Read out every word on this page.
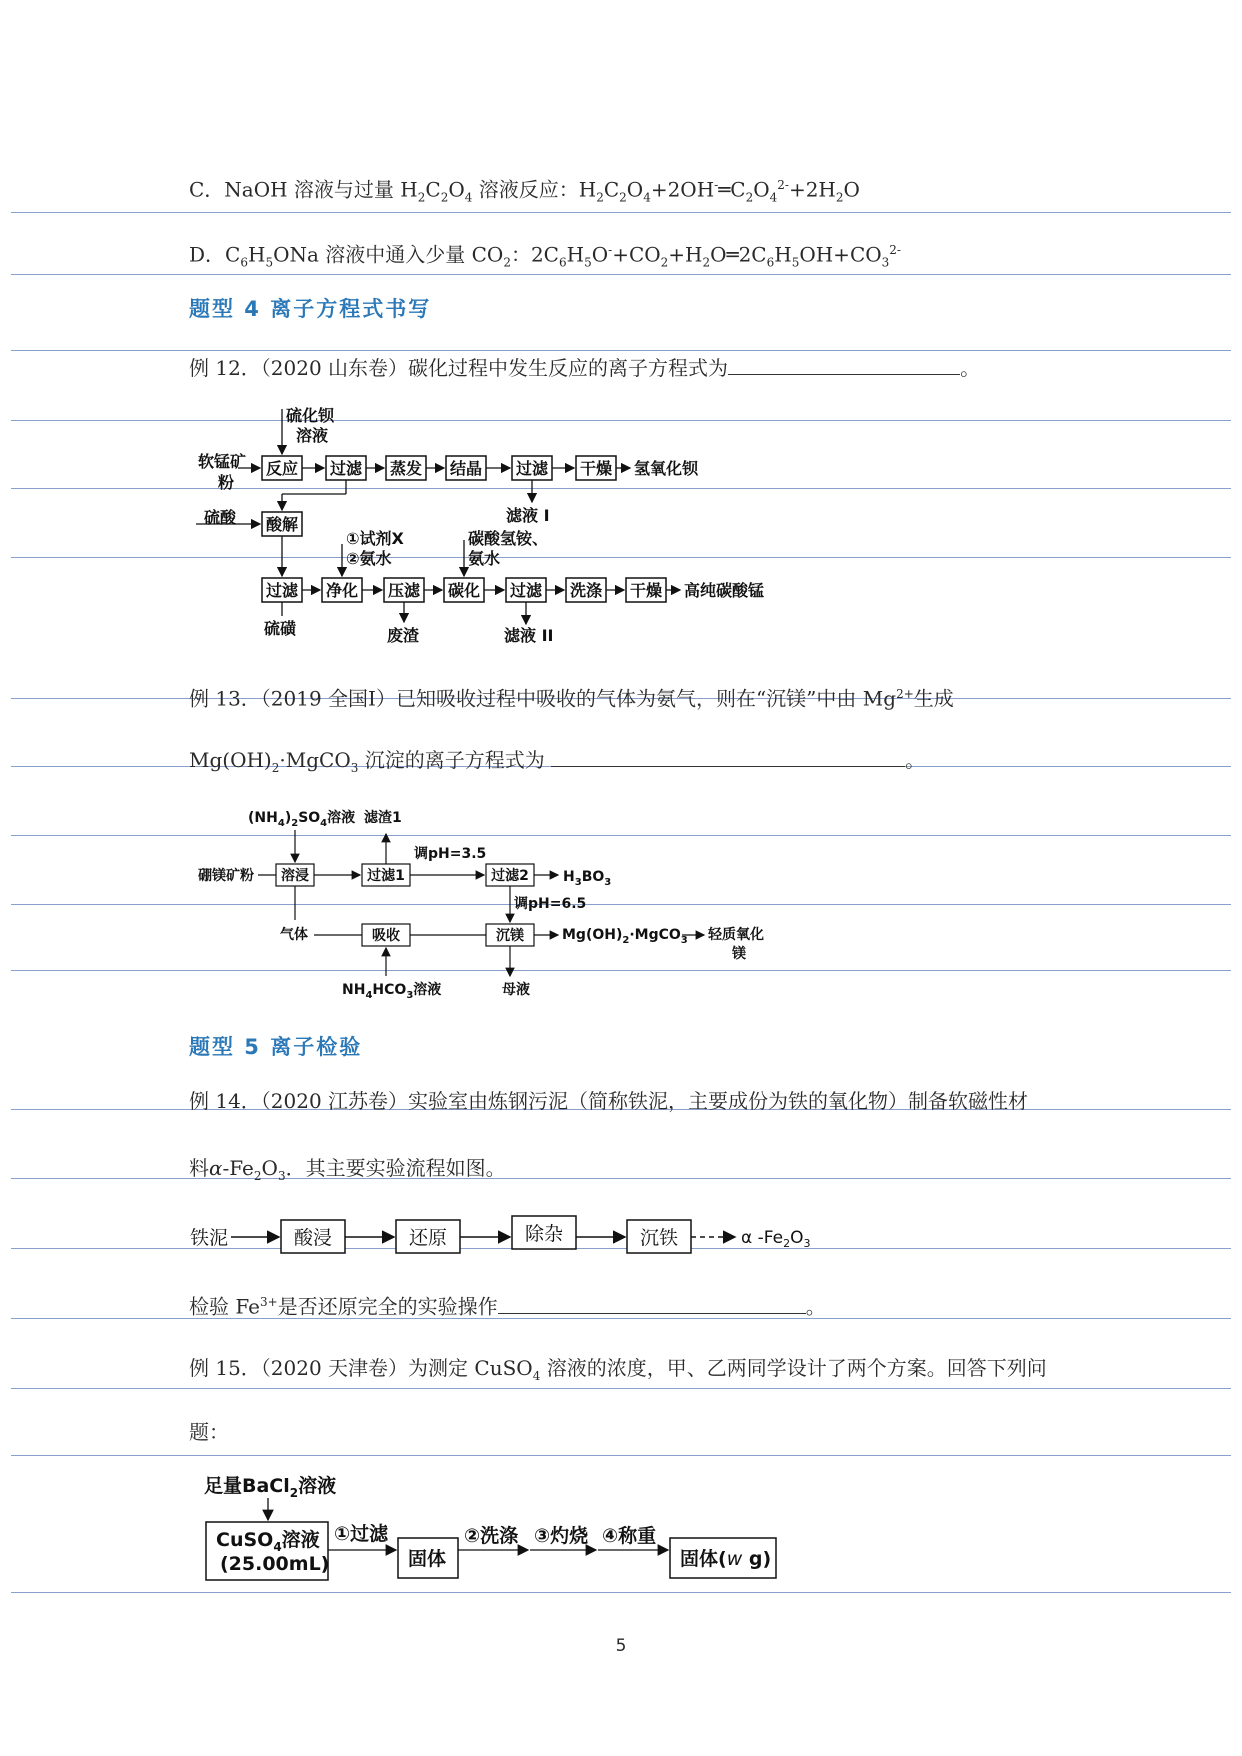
C．NaOH 溶液与过量 $H_2C_2O_4$ 溶液反应：$H_2C_2O_4+2OH^-═C_2O_4^{2-}+2H_2O$
D．$C_6H_5ONa$ 溶液中通入少量 $CO_2$：$2C_6H_5O^-+CO_2+H_2O═2C_6H_5OH+CO_3^{2-}$
题型 4 离子方程式书写
例 12．（2020 山东卷）碳化过程中发生反应的离子方程式为	。
硫化钡
溶液
软锰矿
粉
硫酸
反应 过滤 蒸发 结晶 过滤 干燥
酸解
过滤 净化 压滤 碳化 过滤 洗涤 干燥
氢氧化钡
滤液 I
①试剂X
②氨水
碳酸氢铵、
氨水
高纯碳酸锰
硫磺	废渣	滤液 II
例 13．（2019 全国Ⅰ）已知吸收过程中吸收的气体为氨气，则在“沉镁”中由 $Mg^{2+}$生成
$Mg(OH)_2\cdot MgCO_3$ 沉淀的离子方程式为	。
$(NH_4)_2SO_4$溶液 滤渣1
硼镁矿粉
调pH=3.5
$H_3BO_3$
调pH=6.5
气体	$Mg(OH)_2\cdot MgCO_3$ 轻质氧化
镁
$NH_4HCO_3$溶液	母液
溶浸	过滤1	过滤2
吸收	沉镁
题型 5 离子检验
例 14．（2020 江苏卷）实验室由炼钢污泥（简称铁泥，主要成份为铁的氧化物）制备软磁性材
料$\alpha-Fe_2O_3$．其主要实验流程如图。
铁泥	酸浸	还原	除杂	沉铁	α $-Fe_2O_3$
检验 $Fe^{3+}$是否还原完全的实验操作	。
例 15．（2020 天津卷）为测定 CuSO$_4$ 溶液的浓度，甲、乙两同学设计了两个方案。回答下列问
题：
足量BaCl$_2$溶液
CuSO$_4$溶液
(25.00mL)
①过滤
固体
②洗涤 ③灼烧 ④称重
固体(w g)
5
